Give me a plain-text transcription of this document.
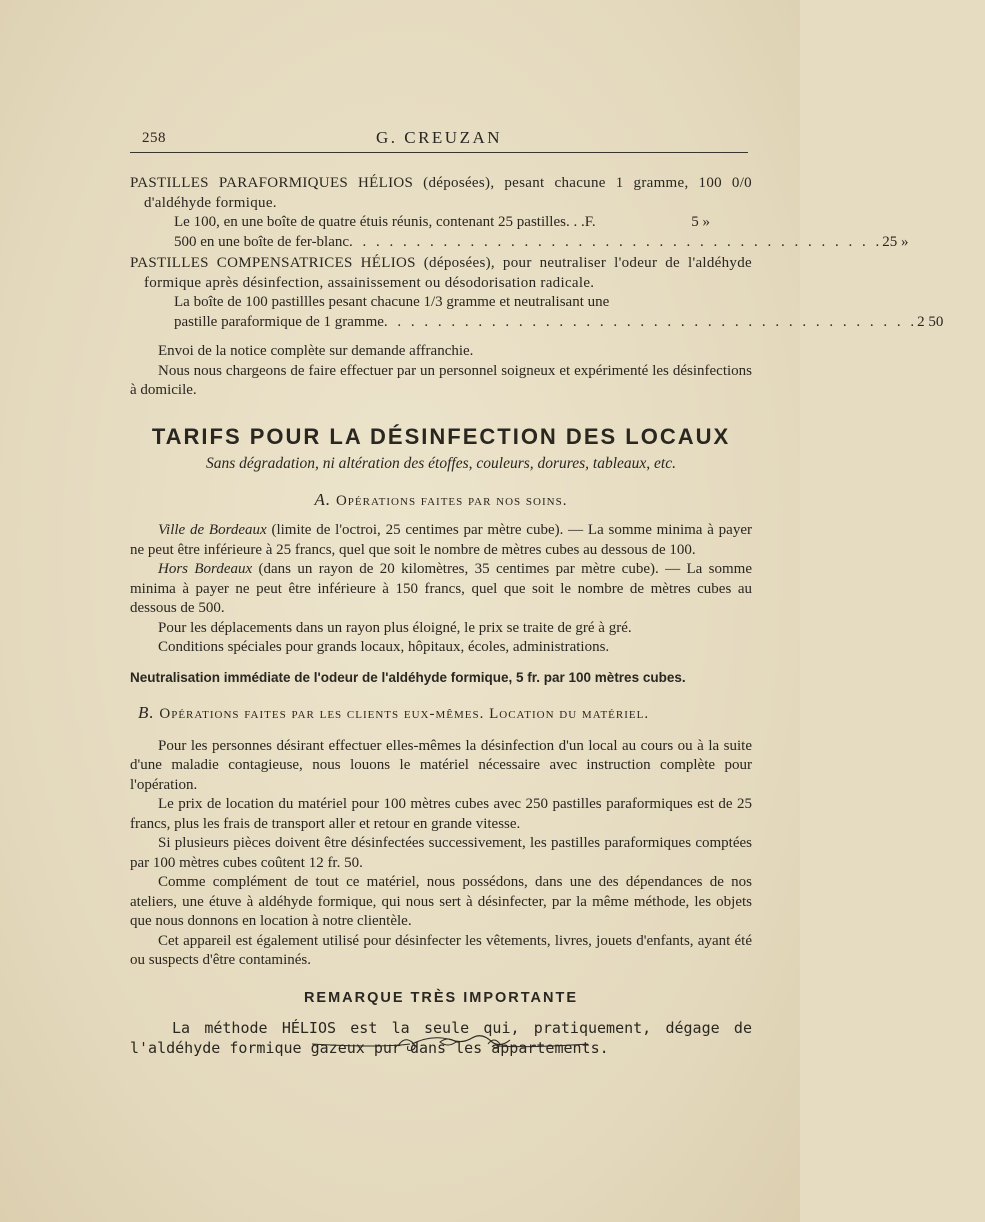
258	G. CREUZAN

PASTILLES PARAFORMIQUES HÉLIOS (déposées), pesant chacune 1 gramme, 100 0/0 d'aldéhyde formique.

Le 100, en une boîte de quatre étuis réunis, contenant 25 pastilles. . .F.	5 »
500 en une boîte de fer-blanc . . . . . . . . . . . . . . . . . . . . . . . . . . . . . . . . . . . . . . . . 25 »

PASTILLES COMPENSATRICES HÉLIOS (déposées), pour neutraliser l'odeur de l'aldéhyde formique après désinfection, assainissement ou désodorisation radicale.

La boîte de 100 pastillles pesant chacune 1/3 gramme et neutralisant une

pastille paraformique de 1 gramme . . . . . . . . . . . . . . . . . . . . . . . . . . . . . . . . . . . . . . . . 2 50

Envoi de la notice complète sur demande affranchie.

Nous nous chargeons de faire effectuer par un personnel soigneux et expérimenté les désinfections à domicile.

TARIFS POUR LA DÉSINFECTION DES LOCAUX
Sans dégradation, ni altération des étoffes, couleurs, dorures, tableaux, etc.
A. Opérations faites par nos soins.

Ville de Bordeaux (limite de l'octroi, 25 centimes par mètre cube). — La somme minima à payer ne peut être inférieure à 25 francs, quel que soit le nombre de mètres cubes au dessous de 100.

Hors Bordeaux (dans un rayon de 20 kilomètres, 35 centimes par mètre cube). — La somme minima à payer ne peut être inférieure à 150 francs, quel que soit le nombre de mètres cubes au dessous de 500.

Pour les déplacements dans un rayon plus éloigné, le prix se traite de gré à gré.

Conditions spéciales pour grands locaux, hôpitaux, écoles, administrations.

Neutralisation immédiate de l'odeur de l'aldéhyde formique, 5 fr. par 100 mètres cubes.

B. Opérations faites par les clients eux-mêmes. Location du matériel.

Pour les personnes désirant effectuer elles-mêmes la désinfection d'un local au cours ou à la suite d'une maladie contagieuse, nous louons le matériel nécessaire avec instruction complète pour l'opération.

Le prix de location du matériel pour 100 mètres cubes avec 250 pastilles paraformiques est de 25 francs, plus les frais de transport aller et retour en grande vitesse.

Si plusieurs pièces doivent être désinfectées successivement, les pastilles paraformiques comptées par 100 mètres cubes coûtent 12 fr. 50.

Comme complément de tout ce matériel, nous possédons, dans une des dépendances de nos ateliers, une étuve à aldéhyde formique, qui nous sert à désinfecter, par la même méthode, les objets que nous donnons en location à notre clientèle.

Cet appareil est également utilisé pour désinfecter les vêtements, livres, jouets d'enfants, ayant été ou suspects d'être contaminés.

REMARQUE TRÈS IMPORTANTE

La méthode HÉLIOS est la seule qui, pratiquement, dégage de l'aldéhyde formique gazeux pur dans les appartements.
